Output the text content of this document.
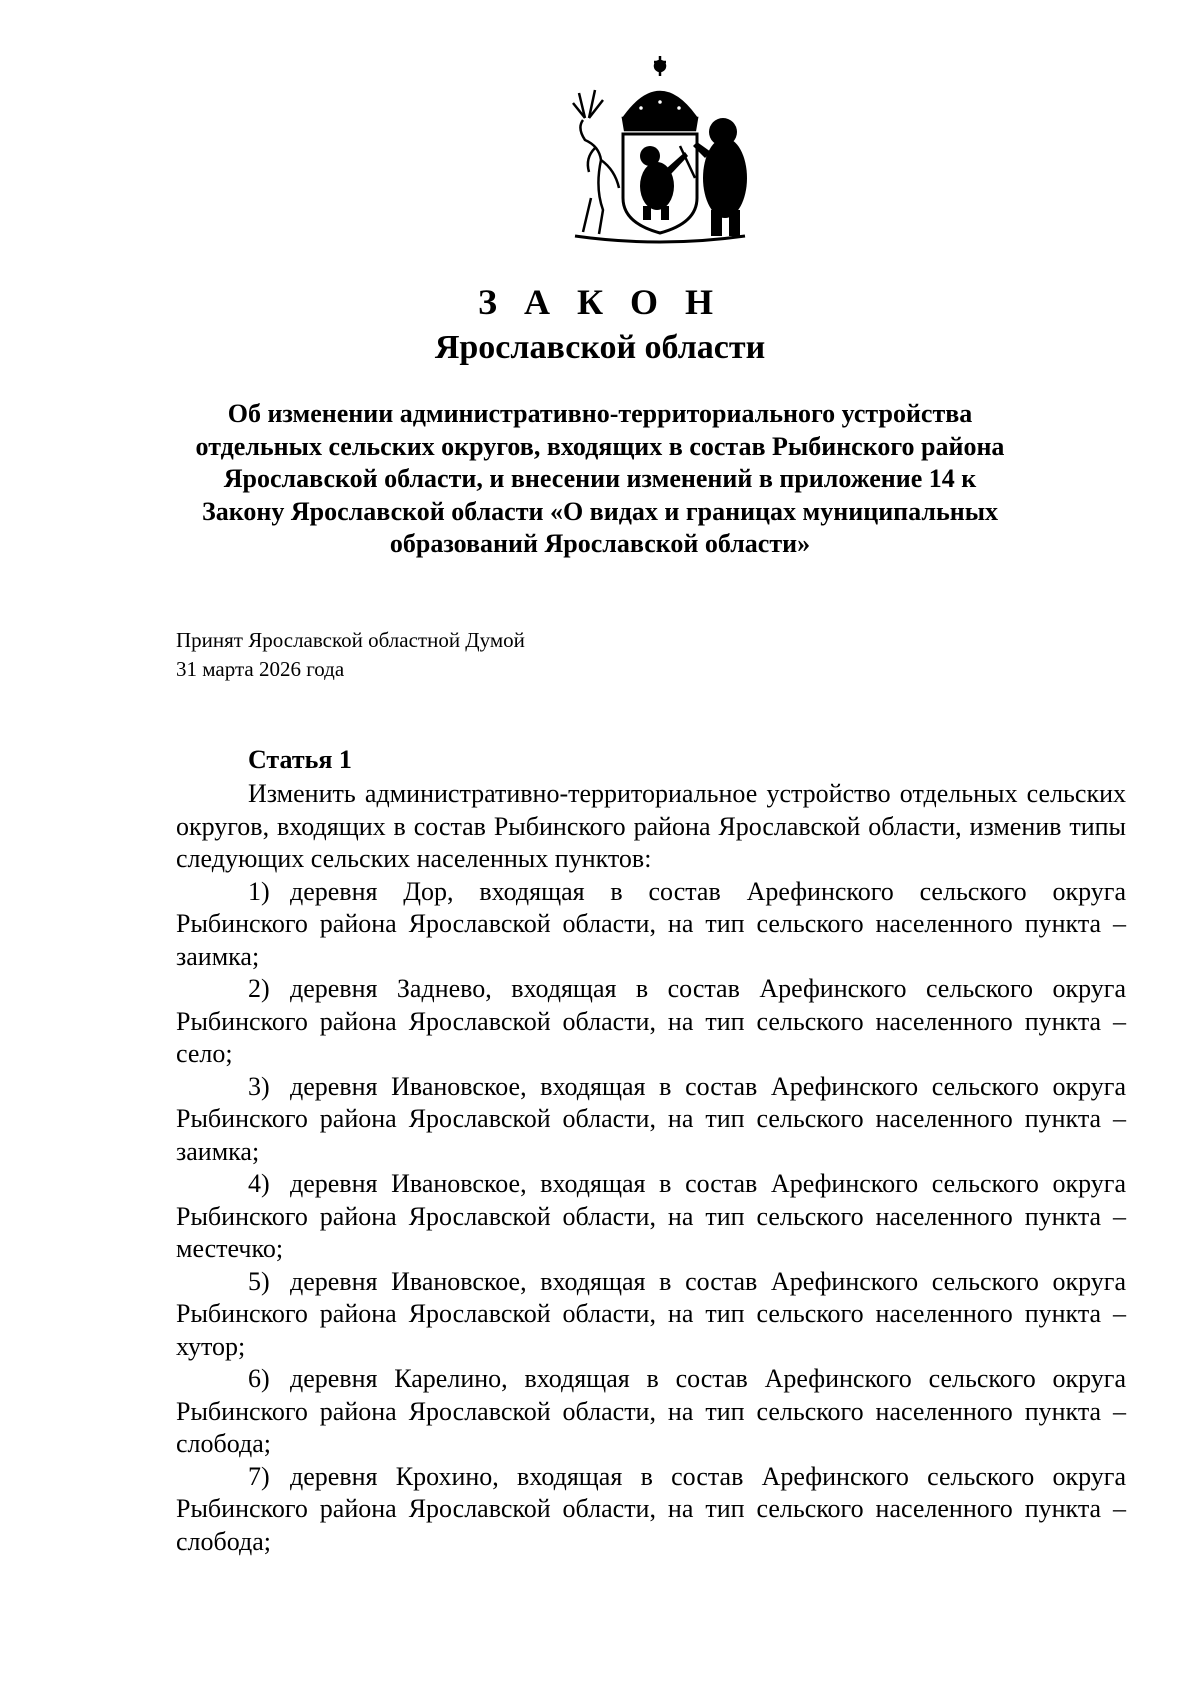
З А К О Н
Ярославской области
Об изменении административно-территориального устройства отдельных сельских округов, входящих в состав Рыбинского района Ярославской области, и внесении изменений в приложение 14 к Закону Ярославской области «О видах и границах муниципальных образований Ярославской области»
Принят Ярославской областной Думой
31 марта 2026 года
Статья 1

Изменить административно-территориальное устройство отдельных сельских округов, входящих в состав Рыбинского района Ярославской области, изменив типы следующих сельских населенных пунктов:

1) деревня Дор, входящая в состав Арефинского сельского округа Рыбинского района Ярославской области, на тип сельского населенного пункта – заимка;

2) деревня Заднево, входящая в состав Арефинского сельского округа Рыбинского района Ярославской области, на тип сельского населенного пункта – село;

3) деревня Ивановское, входящая в состав Арефинского сельского округа Рыбинского района Ярославской области, на тип сельского населенного пункта – заимка;

4) деревня Ивановское, входящая в состав Арефинского сельского округа Рыбинского района Ярославской области, на тип сельского населенного пункта – местечко;

5) деревня Ивановское, входящая в состав Арефинского сельского округа Рыбинского района Ярославской области, на тип сельского населенного пункта – хутор;

6) деревня Карелино, входящая в состав Арефинского сельского округа Рыбинского района Ярославской области, на тип сельского населенного пункта – слобода;

7) деревня Крохино, входящая в состав Арефинского сельского округа Рыбинского района Ярославской области, на тип сельского населенного пункта – слобода;
